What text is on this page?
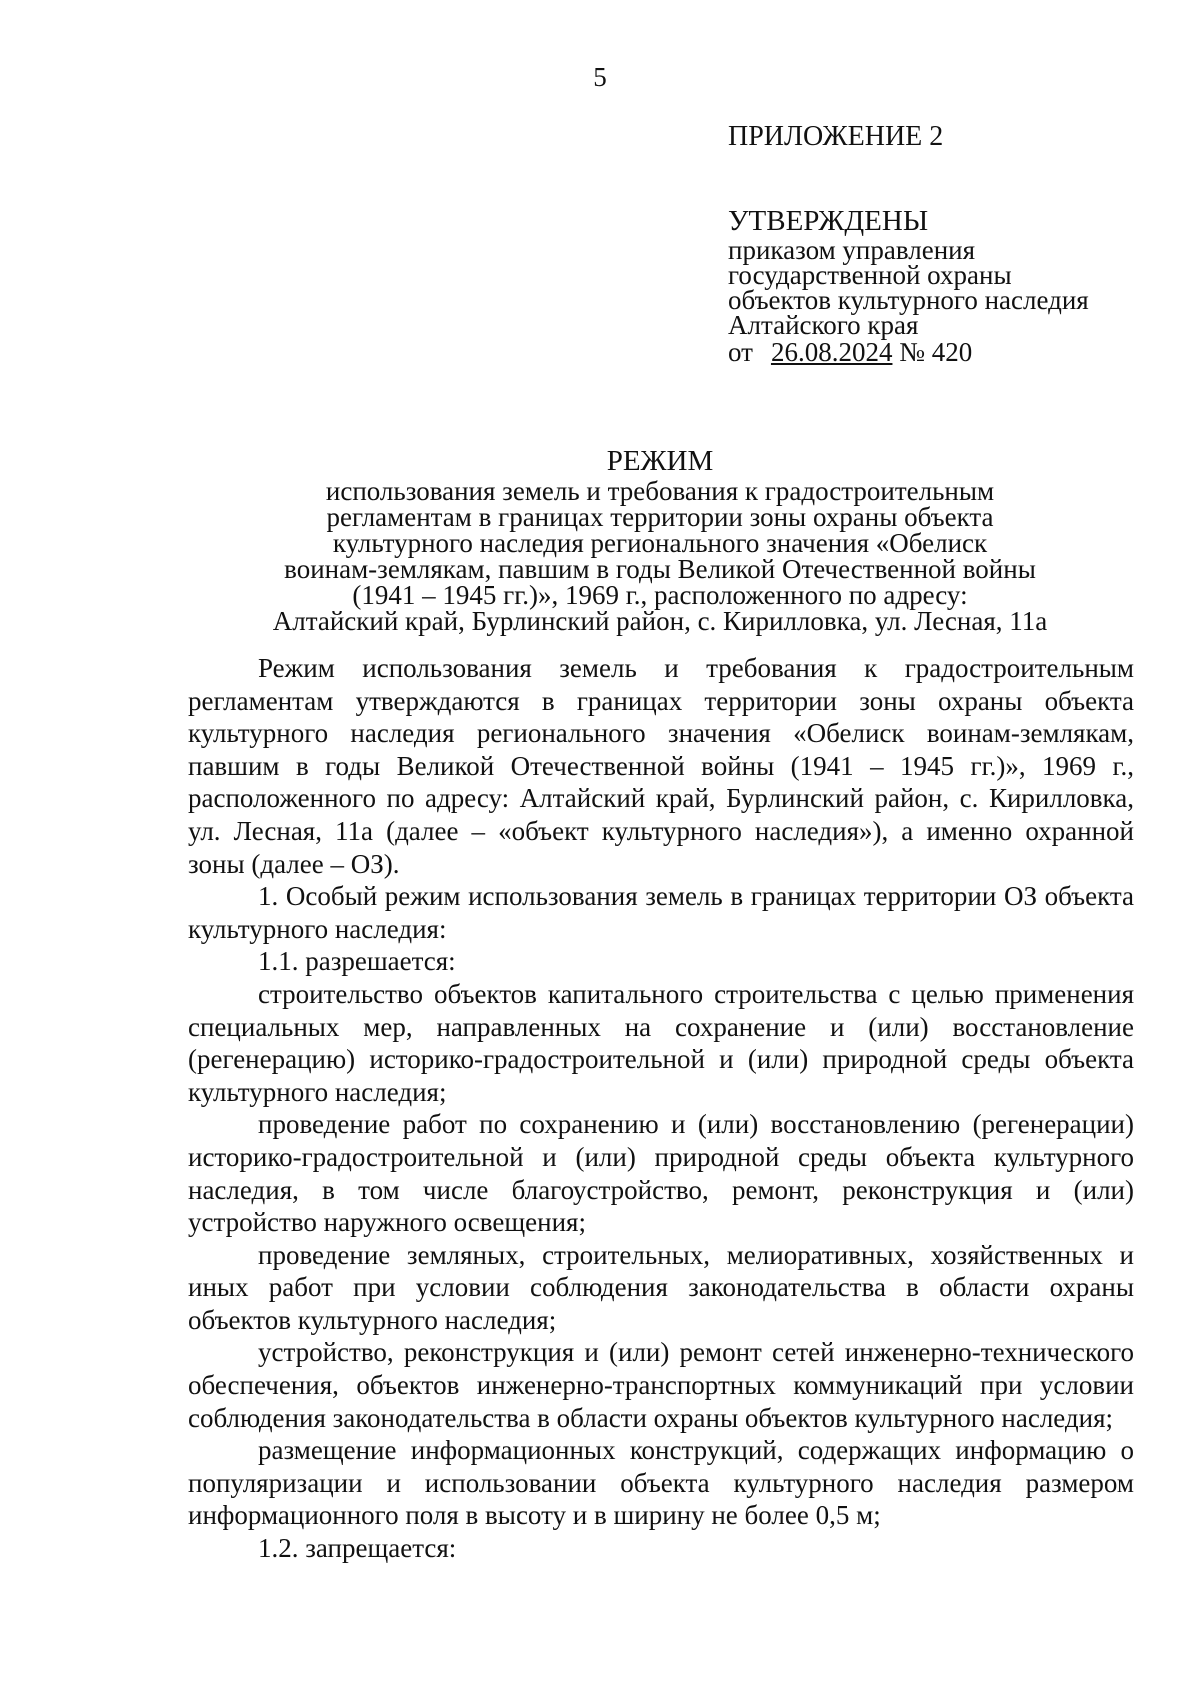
5
ПРИЛОЖЕНИЕ 2
УТВЕРЖДЕНЫ
приказом управления
государственной охраны
объектов культурного наследия
Алтайского края
от 26.08.2024 № 420
РЕЖИМ
использования земель и требования к градостроительным
регламентам в границах территории зоны охраны объекта
культурного наследия регионального значения «Обелиск
воинам-землякам, павшим в годы Великой Отечественной войны
(1941 – 1945 гг.)», 1969 г., расположенного по адресу:
Алтайский край, Бурлинский район, с. Кирилловка, ул. Лесная, 11а

Режим использования земель и требования к градостроительным регламентам утверждаются в границах территории зоны охраны объекта культурного наследия регионального значения «Обелиск воинам-землякам, павшим в годы Великой Отечественной войны (1941 – 1945 гг.)», 1969 г., расположенного по адресу: Алтайский край, Бурлинский район, с. Кирилловка, ул. Лесная, 11а (далее – «объект культурного наследия»), а именно охранной зоны (далее – ОЗ).

1. Особый режим использования земель в границах территории ОЗ объекта культурного наследия:

1.1. разрешается:

строительство объектов капитального строительства с целью применения специальных мер, направленных на сохранение и (или) восстановление (регенерацию) историко-градостроительной и (или) природной среды объекта культурного наследия;

проведение работ по сохранению и (или) восстановлению (регенерации) историко-градостроительной и (или) природной среды объекта культурного наследия, в том числе благоустройство, ремонт, реконструкция и (или) устройство наружного освещения;

проведение земляных, строительных, мелиоративных, хозяйственных и иных работ при условии соблюдения законодательства в области охраны объектов культурного наследия;

устройство, реконструкция и (или) ремонт сетей инженерно-технического обеспечения, объектов инженерно-транспортных коммуникаций при условии соблюдения законодательства в области охраны объектов культурного наследия;

размещение информационных конструкций, содержащих информацию о популяризации и использовании объекта культурного наследия размером информационного поля в высоту и в ширину не более 0,5 м;

1.2. запрещается:
